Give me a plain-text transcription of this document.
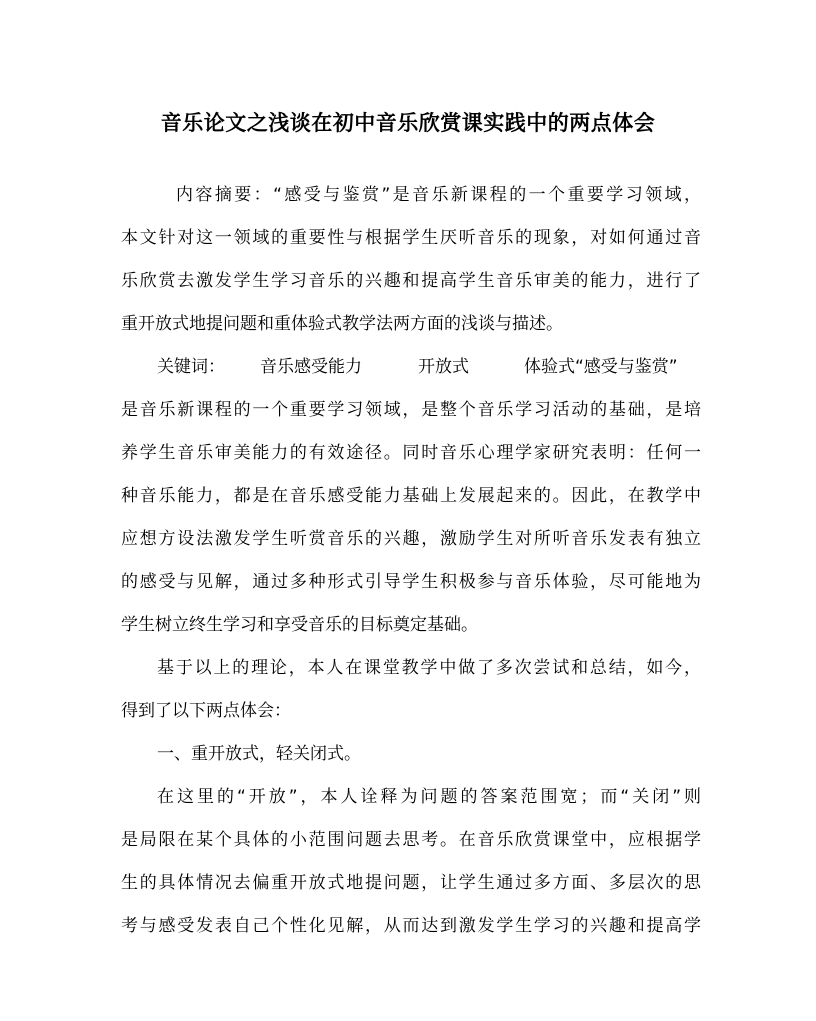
音乐论文之浅谈在初中音乐欣赏课实践中的两点体会
内容摘要：“感受与鉴赏”是音乐新课程的一个重要学习领域，
本文针对这一领域的重要性与根据学生厌听音乐的现象，对如何通过音
乐欣赏去激发学生学习音乐的兴趣和提高学生音乐审美的能力，进行了
重开放式地提问题和重体验式教学法两方面的浅谈与描述。
关键词： 音乐感受能力	开放式	体验式“感受与鉴赏”
是音乐新课程的一个重要学习领域，是整个音乐学习活动的基础，是培
养学生音乐审美能力的有效途径。同时音乐心理学家研究表明：任何一
种音乐能力，都是在音乐感受能力基础上发展起来的。因此，在教学中
应想方设法激发学生听赏音乐的兴趣，激励学生对所听音乐发表有独立
的感受与见解，通过多种形式引导学生积极参与音乐体验，尽可能地为
学生树立终生学习和享受音乐的目标奠定基础。
基于以上的理论，本人在课堂教学中做了多次尝试和总结，如今，
得到了以下两点体会：
一、重开放式，轻关闭式。
在这里的“开放”，本人诠释为问题的答案范围宽；而“关闭”则
是局限在某个具体的小范围问题去思考。在音乐欣赏课堂中，应根据学
生的具体情况去偏重开放式地提问题，让学生通过多方面、多层次的思
考与感受发表自己个性化见解，从而达到激发学生学习的兴趣和提高学
